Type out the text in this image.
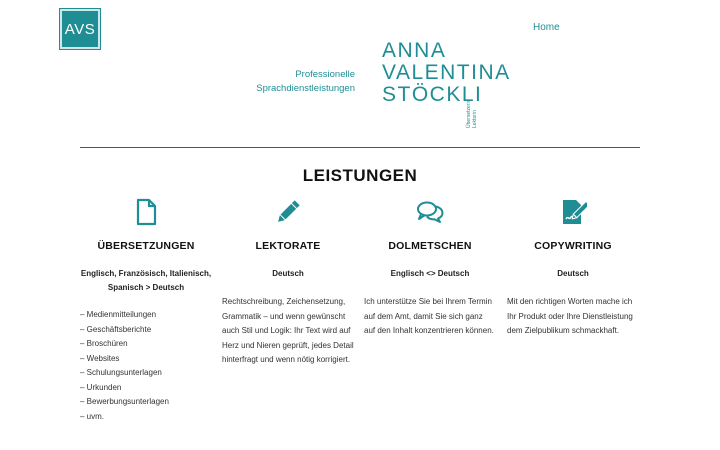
AVS	Home
Professionelle
Sprachdienstleistungen
ANNA
VALENTINA
STÖCKLI
Übersetzerin Lektorin
LEISTUNGEN
ÜBERSETZUNGEN
Englisch, Französisch, Italienisch,
Spanisch > Deutsch
– Medienmitteilungen
– Geschäftsberichte
– Broschüren
– Websites
– Schulungsunterlagen
– Urkunden
– Bewerbungsunterlagen
– uvm.
LEKTORATE
Deutsch

Rechtschreibung, Zeichensetzung, Grammatik – und wenn gewünscht auch Stil und Logik: Ihr Text wird auf Herz und Nieren geprüft, jedes Detail hinterfragt und wenn nötig korrigiert.

DOLMETSCHEN
Englisch <> Deutsch

Ich unterstütze Sie bei Ihrem Termin auf dem Amt, damit Sie sich ganz auf den Inhalt konzentrieren können.

COPYWRITING
Deutsch

Mit den richtigen Worten mache ich Ihr Produkt oder Ihre Dienstleistung dem Zielpublikum schmackhaft.
